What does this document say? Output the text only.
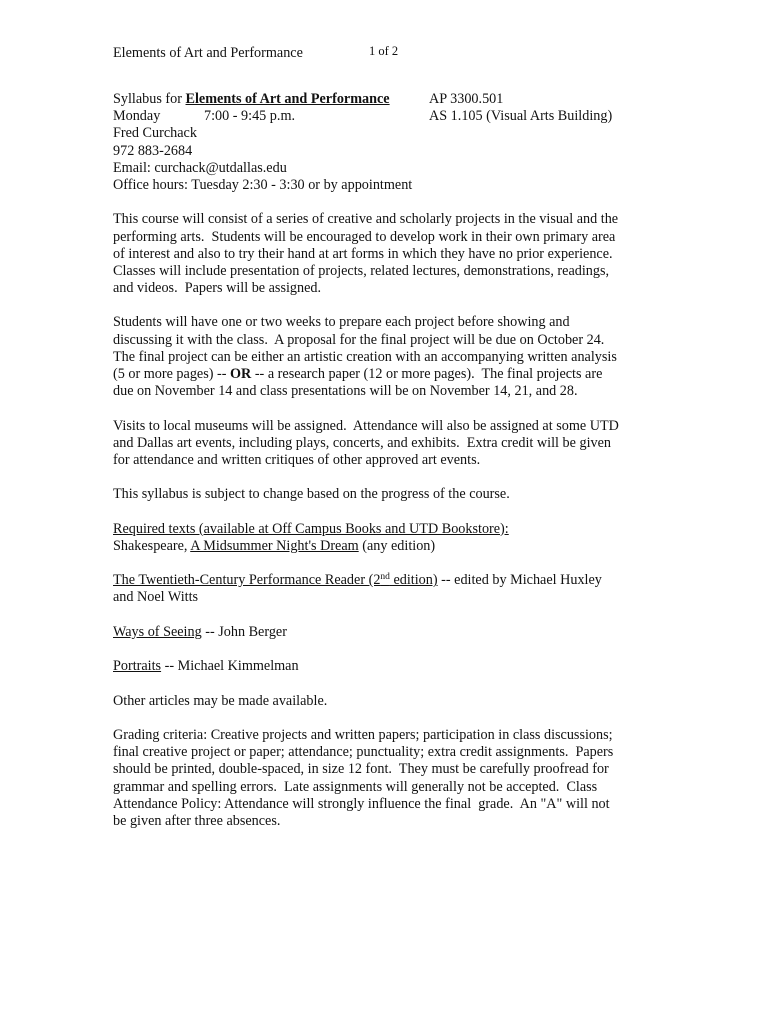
Elements of Art and Performance	1 of 2
Syllabus for Elements of Art and Performance	AP 3300.501
Monday	7:00 - 9:45 p.m.	AS 1.105 (Visual Arts Building)
Fred Curchack
972 883-2684
Email: curchack@utdallas.edu
Office hours: Tuesday 2:30 - 3:30 or by appointment
This course will consist of a series of creative and scholarly projects in the visual and the
performing arts.  Students will be encouraged to develop work in their own primary area
of interest and also to try their hand at art forms in which they have no prior experience.
Classes will include presentation of projects, related lectures, demonstrations, readings,
and videos.  Papers will be assigned.
Students will have one or two weeks to prepare each project before showing and
discussing it with the class.  A proposal for the final project will be due on October 24.
The final project can be either an artistic creation with an accompanying written analysis
(5 or more pages) -- OR -- a research paper (12 or more pages).  The final projects are
due on November 14 and class presentations will be on November 14, 21, and 28.
Visits to local museums will be assigned.  Attendance will also be assigned at some UTD
and Dallas art events, including plays, concerts, and exhibits.  Extra credit will be given
for attendance and written critiques of other approved art events.
This syllabus is subject to change based on the progress of the course.
Required texts (available at Off Campus Books and UTD Bookstore):
Shakespeare, A Midsummer Night's Dream (any edition)
The Twentieth-Century Performance Reader (2nd edition) -- edited by Michael Huxley
and Noel Witts
Ways of Seeing -- John Berger
Portraits -- Michael Kimmelman
Other articles may be made available.
Grading criteria: Creative projects and written papers; participation in class discussions;
final creative project or paper; attendance; punctuality; extra credit assignments.  Papers
should be printed, double-spaced, in size 12 font.  They must be carefully proofread for
grammar and spelling errors.  Late assignments will generally not be accepted.  Class
Attendance Policy: Attendance will strongly influence the final  grade.  An "A" will not
be given after three absences.
